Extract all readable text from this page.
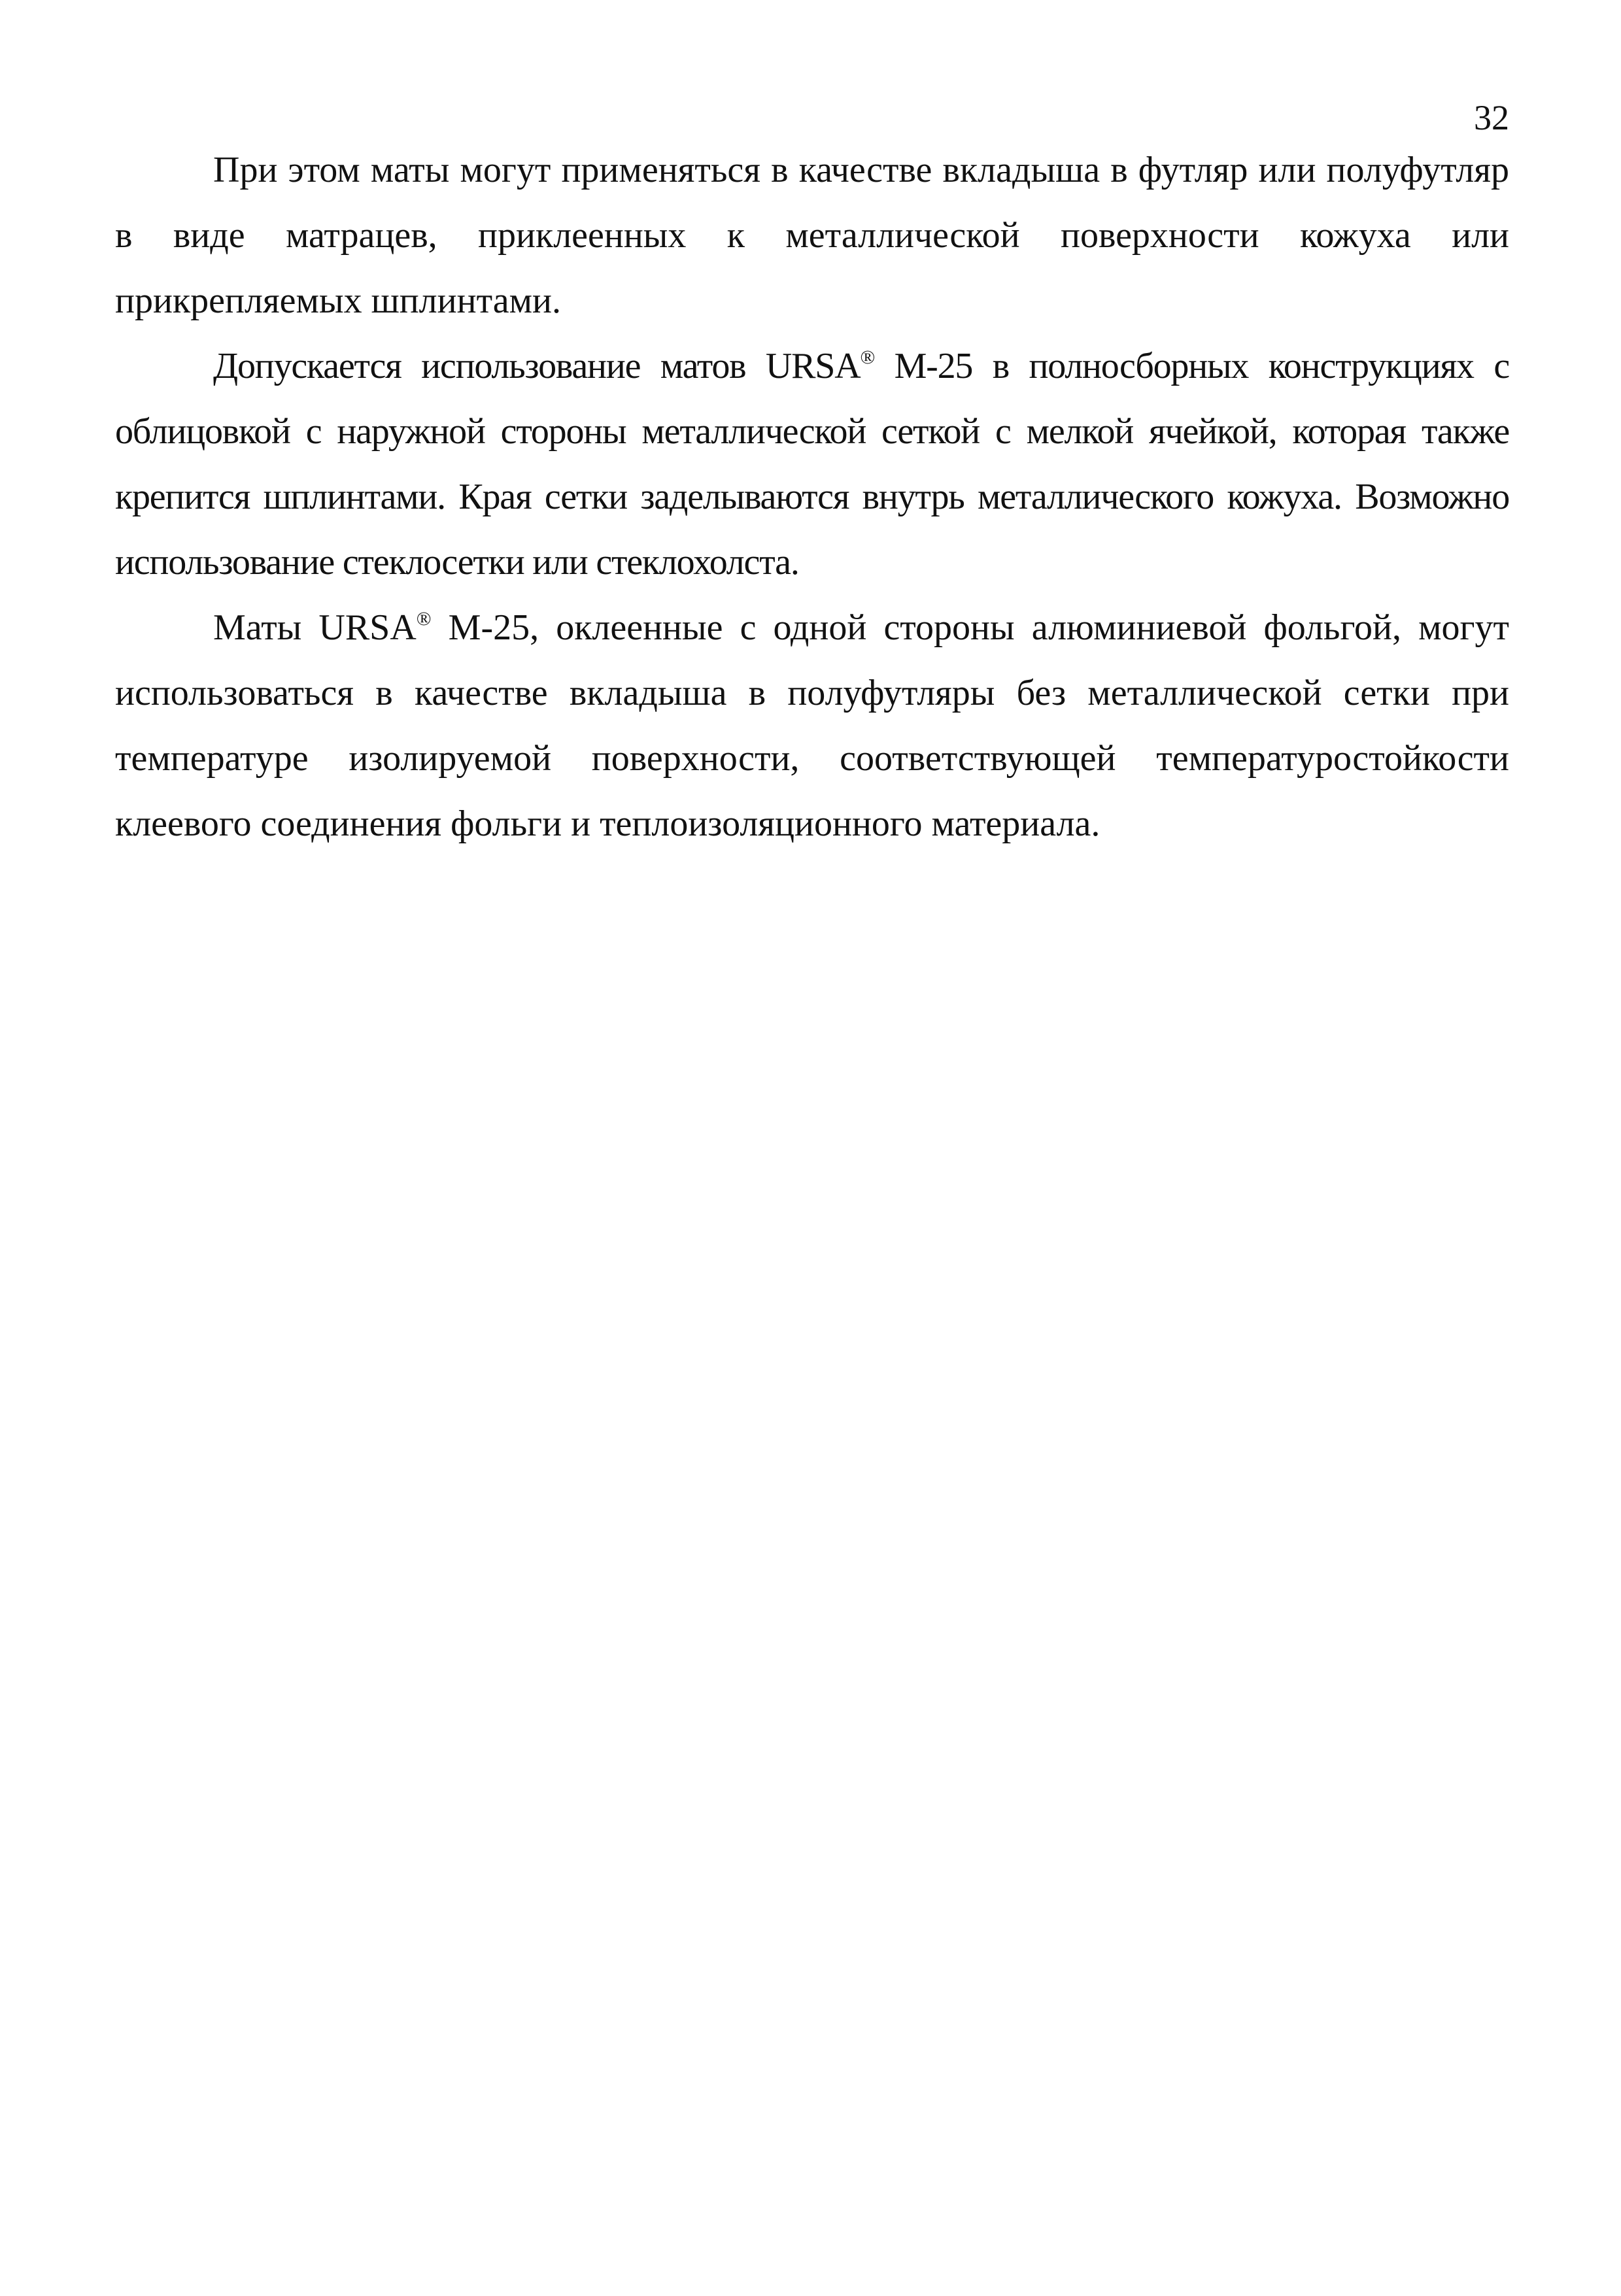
32

При этом маты могут применяться в качестве вкладыша в футляр или полуфутляр в виде матрацев, приклеенных к металлической поверхности кожуха или прикрепляемых шплинтами.

Допускается использование матов URSA® М-25 в полносборных конструкциях с облицовкой с наружной стороны металлической сеткой с мелкой ячейкой, которая также крепится шплинтами. Края сетки заделываются внутрь металлического кожуха. Возможно использование стеклосетки или стеклохолста.

Маты URSA® М-25, оклеенные с одной стороны алюминиевой фольгой, могут использоваться в качестве вкладыша в полуфутляры без металлической сетки при температуре изолируемой поверхности, соответствующей температуростойкости клеевого соединения фольги и теплоизоляционного материала.
